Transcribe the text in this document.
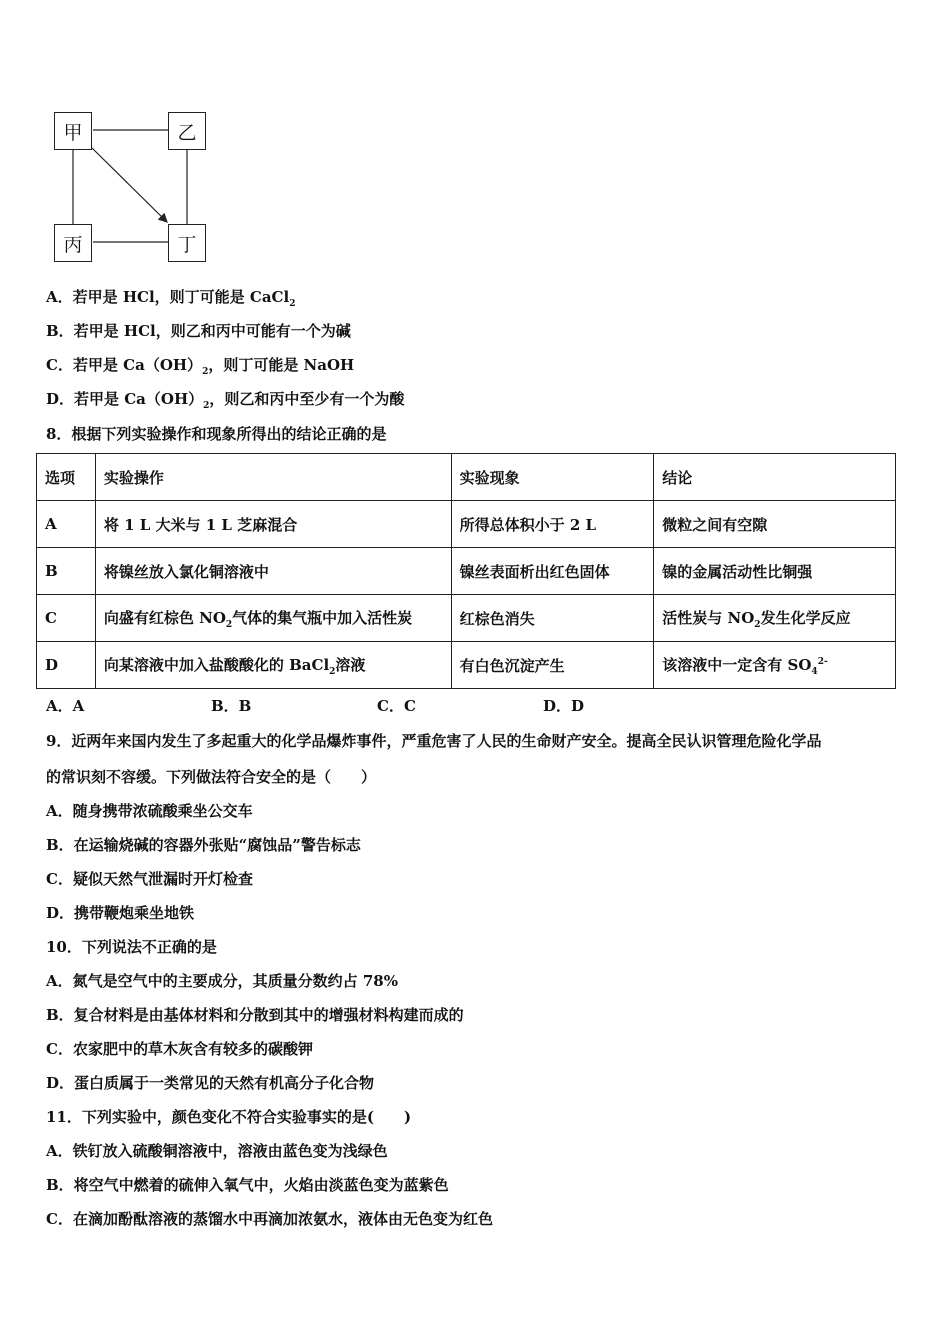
甲	乙
丙	丁
A．若甲是 HCl，则丁可能是 CaCl$_2$
B．若甲是 HCl，则乙和丙中可能有一个为碱
C．若甲是 $Ca(OH)_2$，则丁可能是 NaOH
D．若甲是 $Ca(OH)_2$，则乙和丙中至少有一个为酸
8．根据下列实验操作和现象所得出的结论正确的是
选项	实验操作	实验现象	结论
A	将 1 L 大米与 1 L 芝麻混合	所得总体积小于 2 L	微粒之间有空隙
B	将镍丝放入氯化铜溶液中	镍丝表面析出红色固体	镍的金属活动性比铜强
C	向盛有红棕色 $NO_2$气体的集气瓶中加入活性炭	红棕色消失	活性炭与 $NO_2$发生化学反应
D	向某溶液中加入盐酸酸化的 BaCl$_2$溶液	有白色沉淀产生	该溶液中一定含有 $SO_4^{2-}$
A．A	B．B	C．C	D．D
9．近两年来国内发生了多起重大的化学品爆炸事件，严重危害了人民的生命财产安全。提高全民认识管理危险化学品
的常识刻不容缓。下列做法符合安全的是（　　）
A．随身携带浓硫酸乘坐公交车
B．在运输烧碱的容器外张贴“腐蚀品”警告标志
C．疑似天然气泄漏时开灯检查
D．携带鞭炮乘坐地铁
10．下列说法不正确的是
A．氮气是空气中的主要成分，其质量分数约占 78%
B．复合材料是由基体材料和分散到其中的增强材料构建而成的
C．农家肥中的草木灰含有较多的碳酸钾
D．蛋白质属于一类常见的天然有机高分子化合物
11．下列实验中，颜色变化不符合实验事实的是(　　)
A．铁钉放入硫酸铜溶液中，溶液由蓝色变为浅绿色
B．将空气中燃着的硫伸入氧气中，火焰由淡蓝色变为蓝紫色
C．在滴加酚酞溶液的蒸馏水中再滴加浓氨水，液体由无色变为红色
